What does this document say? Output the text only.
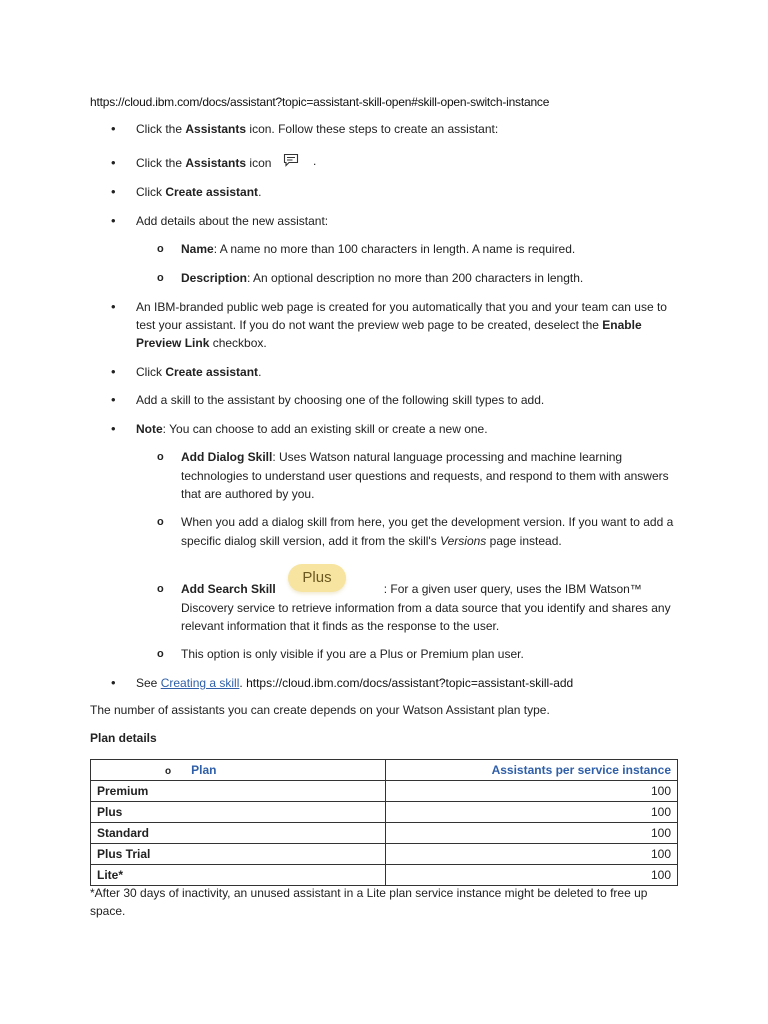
https://cloud.ibm.com/docs/assistant?topic=assistant-skill-open#skill-open-switch-instance
• Click the Assistants icon. Follow these steps to create an assistant:
• Click the Assistants icon	.
• Click Create assistant.
• Add details about the new assistant:
o Name: A name no more than 100 characters in length. A name is required.
o Description: An optional description no more than 200 characters in length.
• An IBM-branded public web page is created for you automatically that you and your team can use to test your assistant. If you do not want the preview web page to be created, deselect the Enable Preview Link checkbox.
• Click Create assistant.
• Add a skill to the assistant by choosing one of the following skill types to add.
• Note: You can choose to add an existing skill or create a new one.
o Add Dialog Skill: Uses Watson natural language processing and machine learning technologies to understand user questions and requests, and respond to them with answers that are authored by you.
o When you add a dialog skill from here, you get the development version. If you want to add a specific dialog skill version, add it from the skill's Versions page instead.
o
Plus
Add Search Skill	: For a given user query, uses the IBM Watson™ Discovery service to retrieve information from a data source that you identify and shares any relevant information that it finds as the response to the user.
o This option is only visible if you are a Plus or Premium plan user.
• See Creating a skill. https://cloud.ibm.com/docs/assistant?topic=assistant-skill-add
The number of assistants you can create depends on your Watson Assistant plan type.
Plan details
o Plan	Assistants per service instance
Premium	100
Plus	100
Standard	100
Plus Trial	100
Lite*	100
*After 30 days of inactivity, an unused assistant in a Lite plan service instance might be deleted to free up space.
